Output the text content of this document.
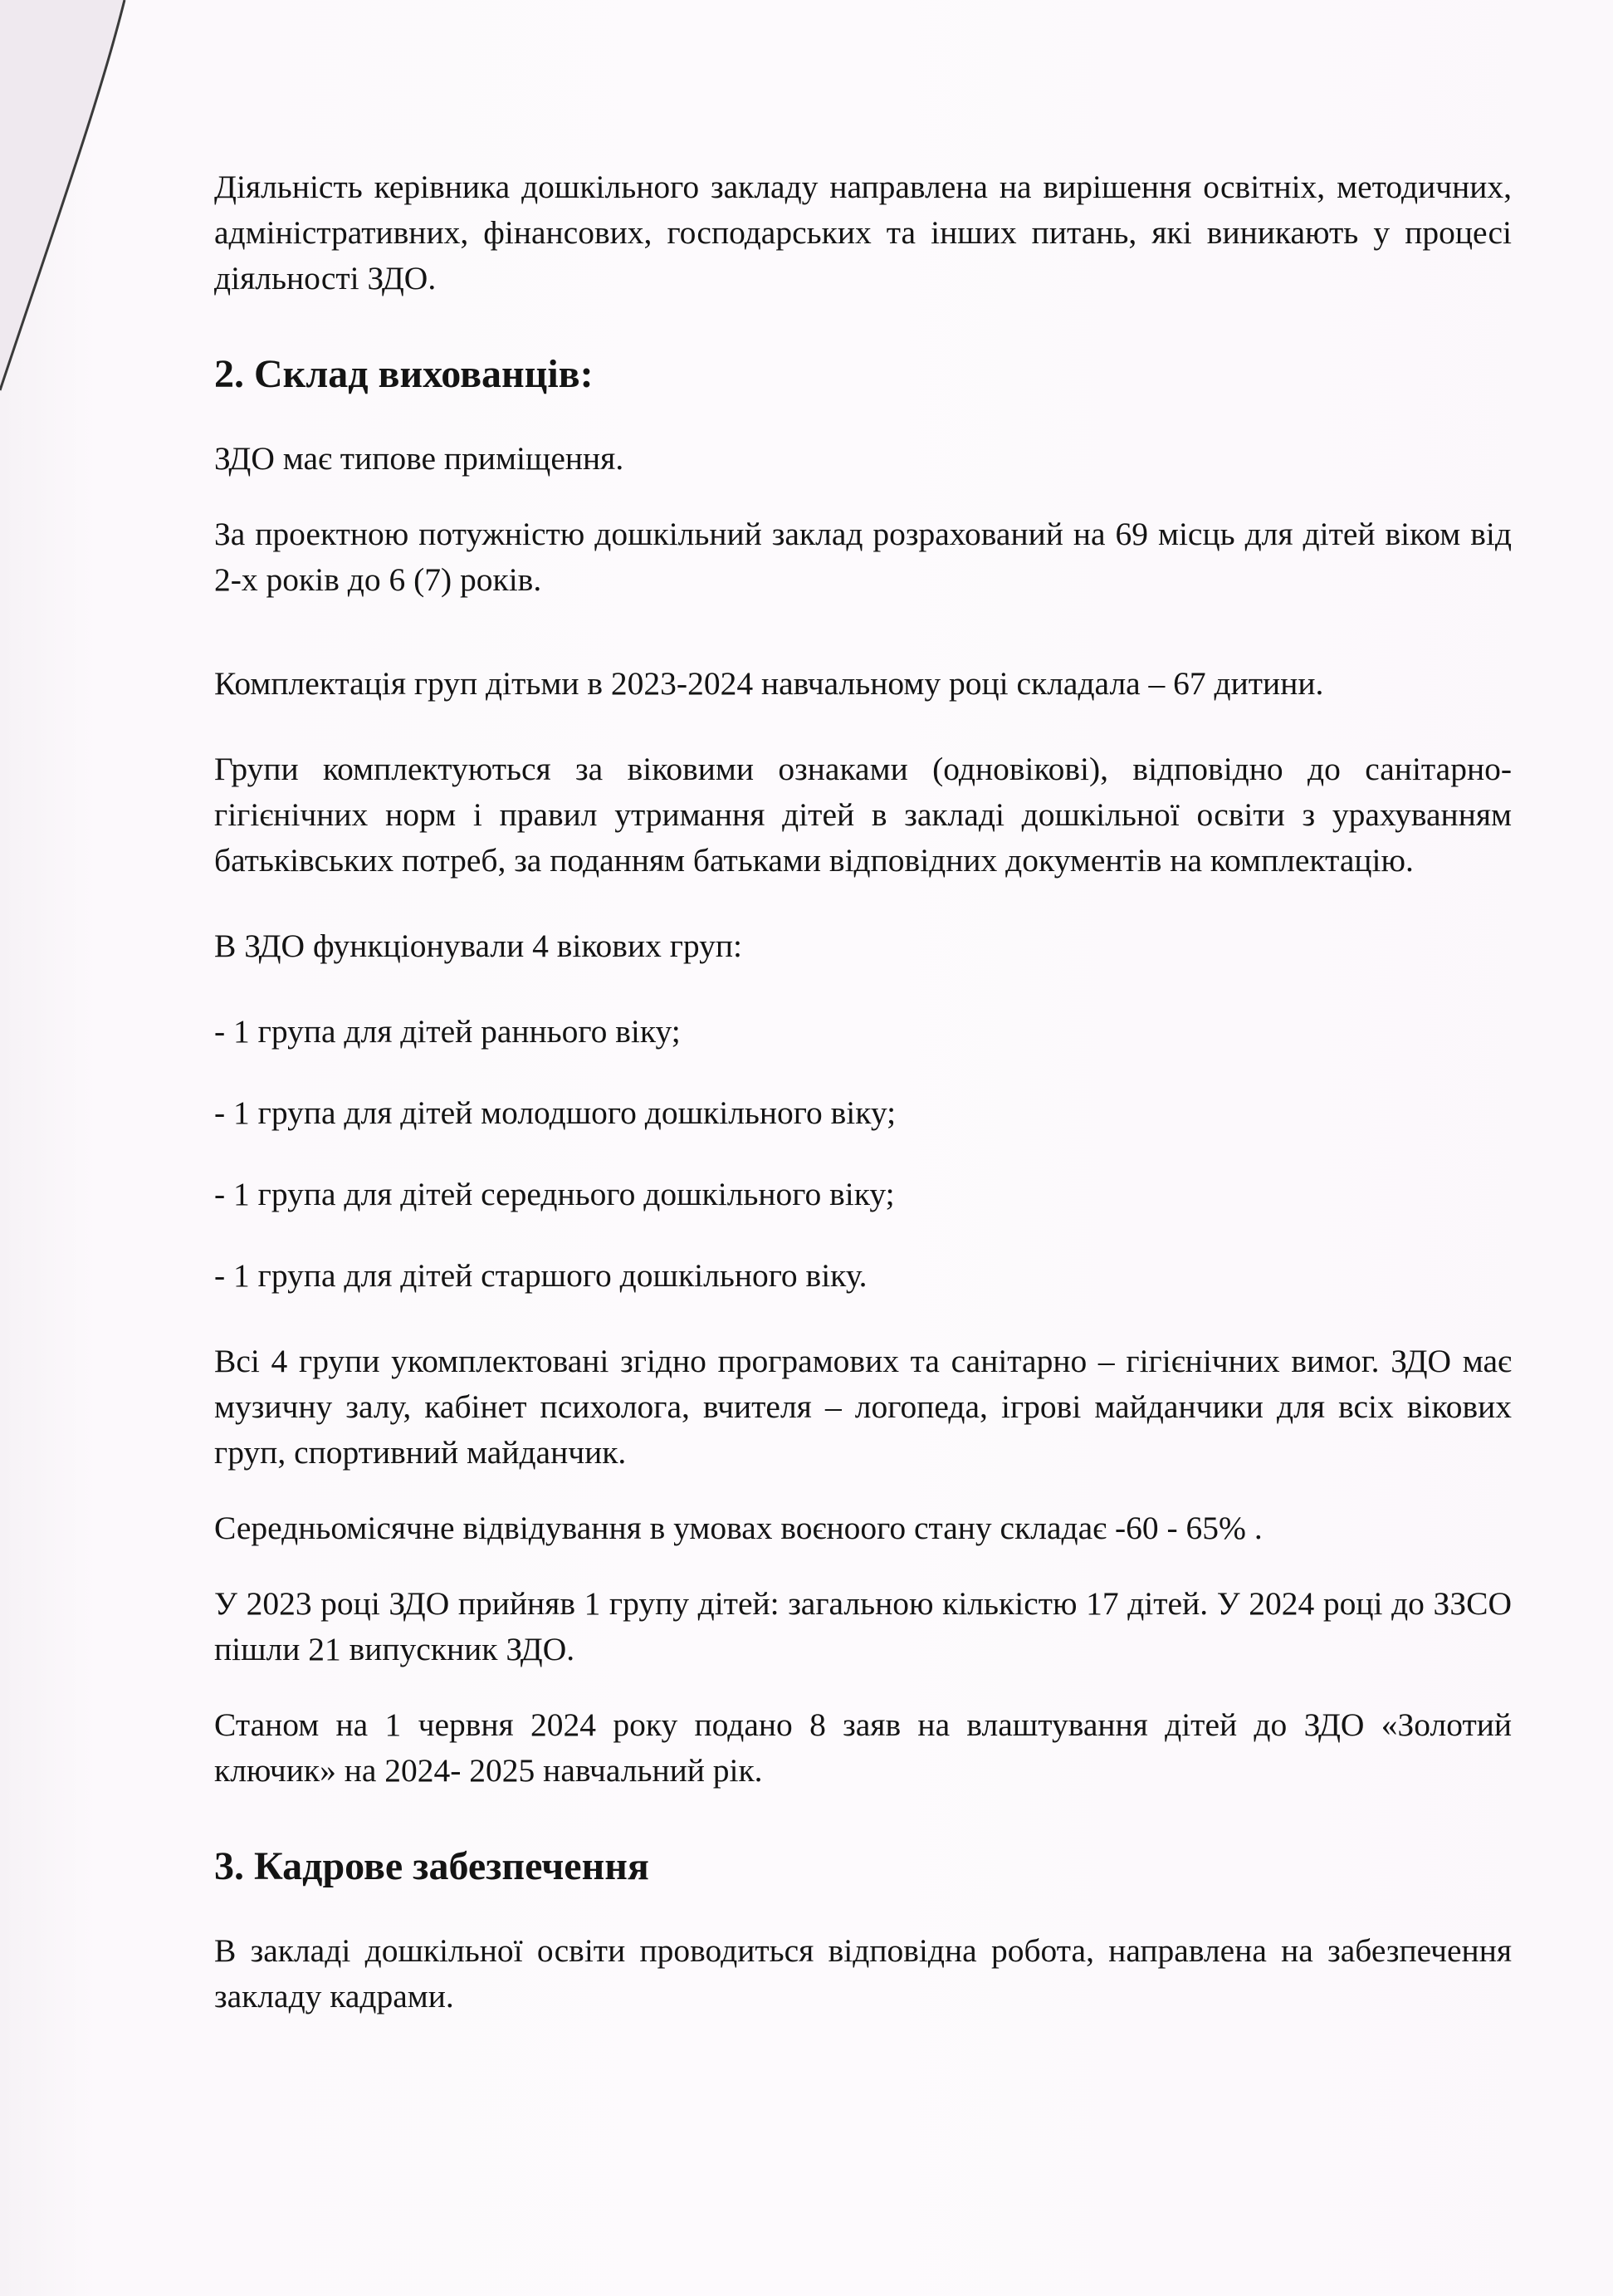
Діяльність керівника дошкільного закладу направлена на вирішення освітніх, методичних, адміністративних, фінансових, господарських та інших питань, які виникають у процесі діяльності ЗДО.

2. Склад вихованців:

ЗДО має типове приміщення.

За проектною потужністю дошкільний заклад розрахований на 69 місць для дітей віком від 2-х років до 6 (7) років.

Комплектація груп дітьми в 2023-2024 навчальному році складала – 67 дитини.

Групи комплектуються за віковими ознаками (одновікові), відповідно до санітарно-гігієнічних норм і правил утримання дітей в закладі дошкільної освіти з урахуванням батьківських потреб, за поданням батьками відповідних документів на комплектацію.

В ЗДО функціонували 4 вікових груп:

- 1 група для дітей раннього віку;

- 1 група для дітей молодшого дошкільного віку;

- 1 група для дітей середнього дошкільного віку;

- 1 група для дітей старшого дошкільного віку.

Всі 4 групи укомплектовані згідно програмових та санітарно – гігієнічних вимог. ЗДО має музичну залу, кабінет психолога, вчителя – логопеда, ігрові майданчики для всіх вікових груп, спортивний майданчик.

Середньомісячне відвідування в умовах воєноого стану складає -60 - 65% .

У 2023 році ЗДО прийняв 1 групу дітей: загальною кількістю 17 дітей. У 2024 році до ЗЗСО пішли 21 випускник ЗДО.

Станом на 1 червня 2024 року подано 8 заяв на влаштування дітей до ЗДО «Золотий ключик» на 2024- 2025 навчальний рік.

3. Кадрове забезпечення

В закладі дошкільної освіти проводиться відповідна робота, направлена на забезпечення закладу кадрами.
